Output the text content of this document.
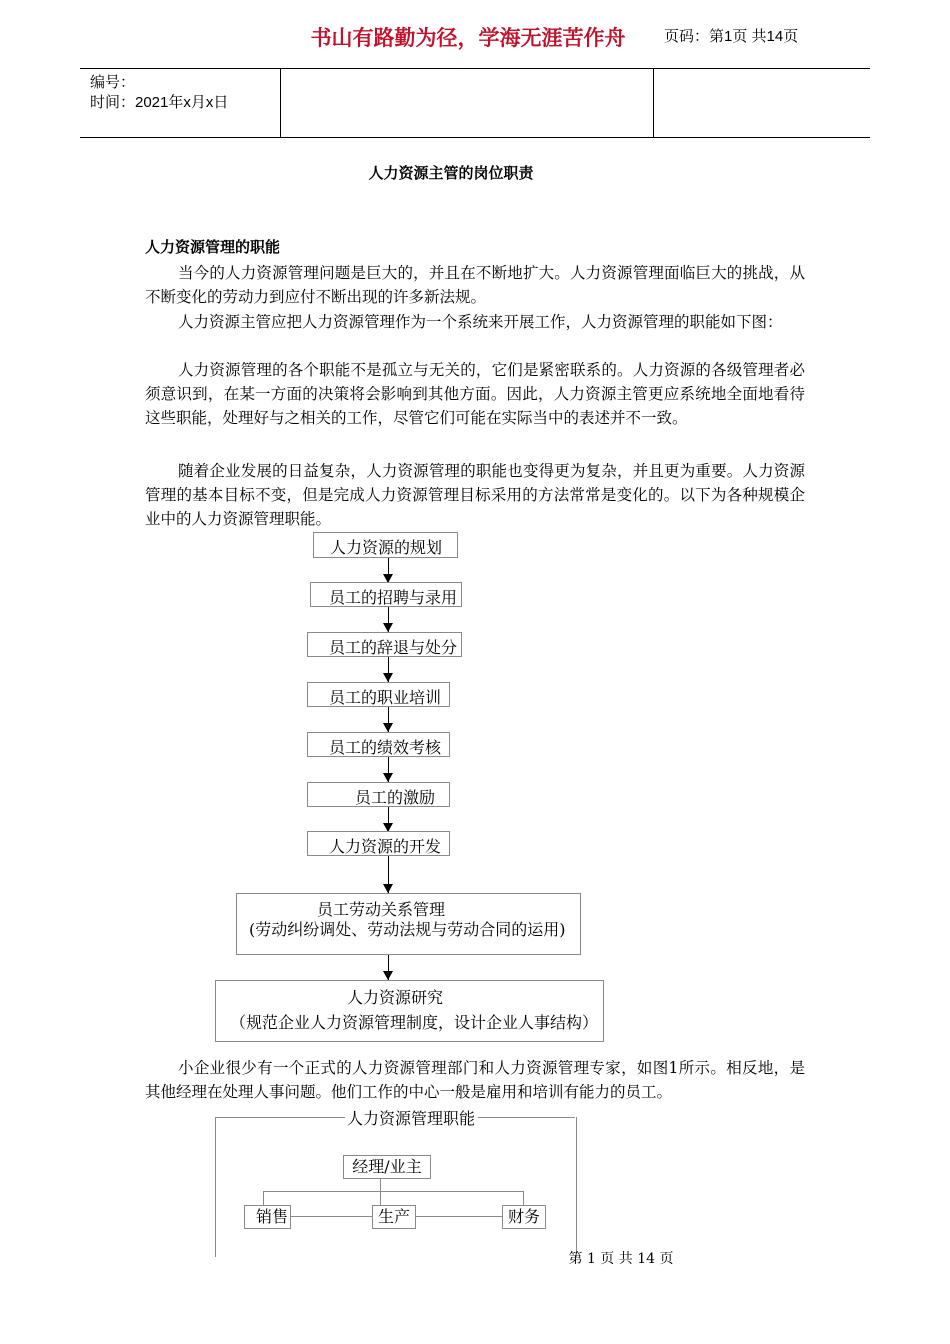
编号：
时间：2021年x月x日
书山有路勤为径，学海无涯苦作舟	页码：第1页 共14页
人力资源主管的岗位职责
人力资源管理的职能

当今的人力资源管理问题是巨大的，并且在不断地扩大。人力资源管理面临巨大的挑战，从不断变化的劳动力到应付不断出现的许多新法规。

人力资源主管应把人力资源管理作为一个系统来开展工作，人力资源管理的职能如下图：

人力资源管理的各个职能不是孤立与无关的，它们是紧密联系的。人力资源的各级管理者必须意识到，在某一方面的决策将会影响到其他方面。因此，人力资源主管更应系统地全面地看待这些职能，处理好与之相关的工作，尽管它们可能在实际当中的表述并不一致。

随着企业发展的日益复杂，人力资源管理的职能也变得更为复杂，并且更为重要。人力资源管理的基本目标不变，但是完成人力资源管理目标采用的方法常常是变化的。以下为各种规模企业中的人力资源管理职能。

人力资源的规划
员工的招聘与录用
员工的辞退与处分
员工的职业培训
员工的绩效考核
员工的激励
人力资源的开发
员工劳动关系管理
(劳动纠纷调处、劳动法规与劳动合同的运用)
人力资源研究
（规范企业人力资源管理制度，设计企业人事结构）

小企业很少有一个正式的人力资源管理部门和人力资源管理专家，如图1所示。相反地，是其他经理在处理人事问题。他们工作的中心一般是雇用和培训有能力的员工。

人力资源管理职能
经理/业主
销售	生产	财务
第 1 页 共 14 页
